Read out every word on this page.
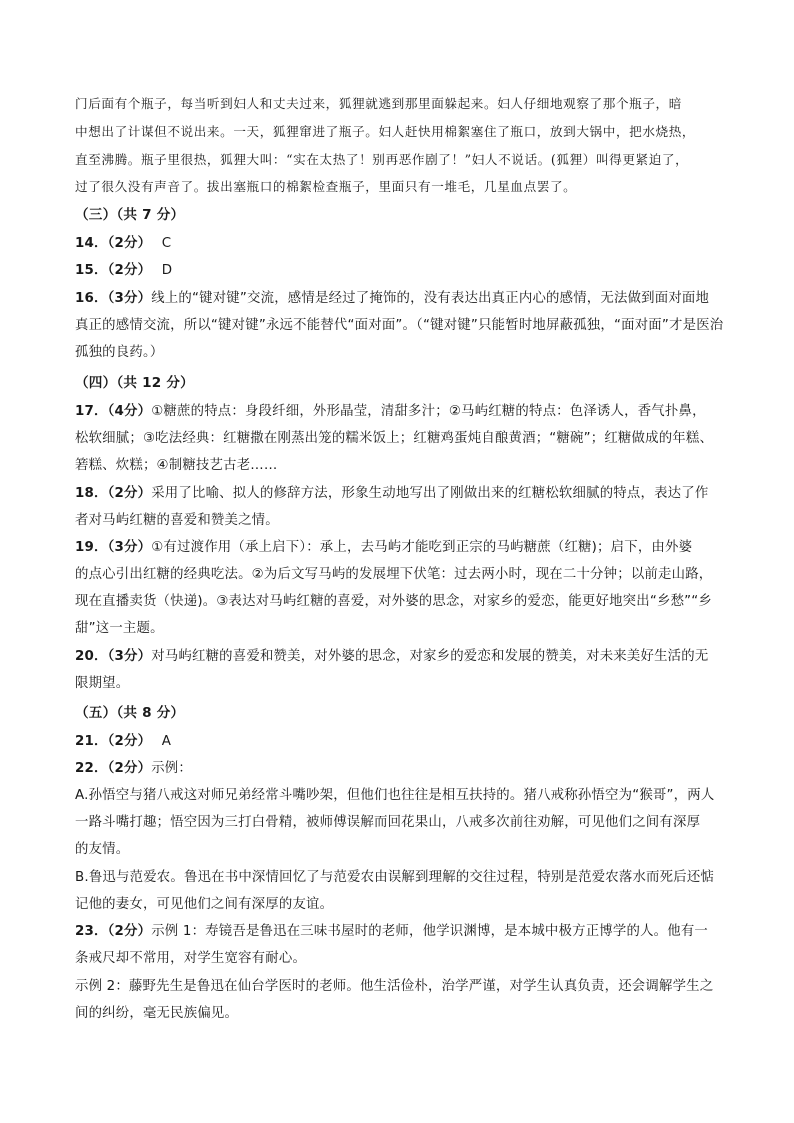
门后面有个瓶子，每当听到妇人和丈夫过来，狐狸就逃到那里面躲起来。妇人仔细地观察了那个瓶子，暗

中想出了计谋但不说出来。一天，狐狸窜进了瓶子。妇人赶快用棉絮塞住了瓶口，放到大锅中，把水烧热，

直至沸腾。瓶子里很热，狐狸大叫：“实在太热了！别再恶作剧了！”妇人不说话。(狐狸）叫得更紧迫了，

过了很久没有声音了。拔出塞瓶口的棉絮检查瓶子，里面只有一堆毛，几星血点罢了。

（三）（共 7 分）

14．（2分） C

15．（2分） D

16．（3分）线上的“键对键”交流，感情是经过了掩饰的，没有表达出真正内心的感情，无法做到面对面地

真正的感情交流，所以“键对键”永远不能替代“面对面”。（“键对键”只能暂时地屏蔽孤独，“面对面”才是医治

孤独的良药。）

（四）（共 12 分）

17．（4分）①糖蔗的特点：身段纤细，外形晶莹，清甜多汁；②马屿红糖的特点：色泽诱人，香气扑鼻，

松软细腻；③吃法经典：红糖撒在刚蒸出笼的糯米饭上；红糖鸡蛋炖自酿黄酒；“糖碗”；红糖做成的年糕、

箬糕、炊糕；④制糖技艺古老……

18．（2分）采用了比喻、拟人的修辞方法，形象生动地写出了刚做出来的红糖松软细腻的特点，表达了作

者对马屿红糖的喜爱和赞美之情。

19．（3分）①有过渡作用（承上启下）：承上，去马屿才能吃到正宗的马屿糖蔗（红糖)；启下，由外婆

的点心引出红糖的经典吃法。②为后文写马屿的发展埋下伏笔：过去两小时，现在二十分钟；以前走山路，

现在直播卖货（快递)。③表达对马屿红糖的喜爱，对外婆的思念，对家乡的爱恋，能更好地突出“乡愁”“乡

甜”这一主题。

20．（3分）对马屿红糖的喜爱和赞美，对外婆的思念，对家乡的爱恋和发展的赞美，对未来美好生活的无

限期望。

（五）（共 8 分）

21．（2分） A

22．（2分）示例：

A.孙悟空与猪八戒这对师兄弟经常斗嘴吵架，但他们也往往是相互扶持的。猪八戒称孙悟空为“猴哥”，两人

一路斗嘴打趣；悟空因为三打白骨精，被师傅误解而回花果山，八戒多次前往劝解，可见他们之间有深厚

的友情。

B.鲁迅与范爱农。鲁迅在书中深情回忆了与范爱农由误解到理解的交往过程，特别是范爱农落水而死后还惦

记他的妻女，可见他们之间有深厚的友谊。

23．（2分）示例 1：寿镜吾是鲁迅在三味书屋时的老师，他学识渊博，是本城中极方正博学的人。他有一

条戒尺却不常用，对学生宽容有耐心。

示例 2：藤野先生是鲁迅在仙台学医时的老师。他生活俭朴，治学严谨，对学生认真负责，还会调解学生之

间的纠纷，毫无民族偏见。
